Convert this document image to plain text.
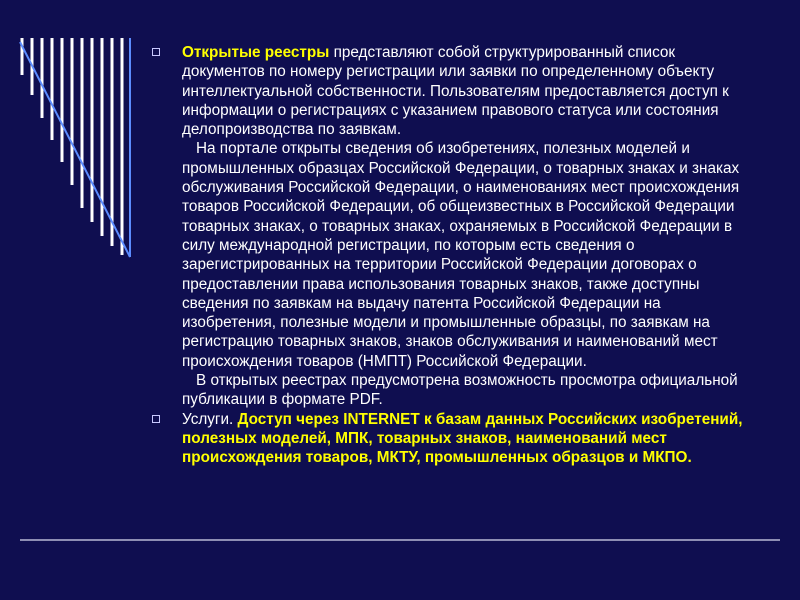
Открытые реестры представляют собой структурированный список документов по номеру регистрации или заявки по определенному объекту интеллектуальной собственности. Пользователям предоставляется доступ к информации о регистрациях с указанием правового статуса или состояния делопроизводства по заявкам.

На портале открыты сведения об изобретениях, полезных моделей и промышленных образцах Российской Федерации, о товарных знаках и знаках обслуживания Российской Федерации, о наименованиях мест происхождения товаров Российской Федерации, об общеизвестных в Российской Федерации товарных знаках, о товарных знаках, охраняемых в Российской Федерации в силу международной регистрации, по которым есть сведения о зарегистрированных на территории Российской Федерации договорах о предоставлении права использования товарных знаков, также доступны сведения по заявкам на выдачу патента Российской Федерации на изобретения, полезные модели и промышленные образцы, по заявкам на регистрацию товарных знаков, знаков обслуживания и наименований мест происхождения товаров (НМПТ) Российской Федерации.

В открытых реестрах предусмотрена возможность просмотра официальной публикации в формате PDF.

Услуги. Доступ через INTERNET к базам данных Российских изобретений, полезных моделей, МПК, товарных знаков, наименований мест происхождения товаров, МКТУ, промышленных образцов и МКПО.
